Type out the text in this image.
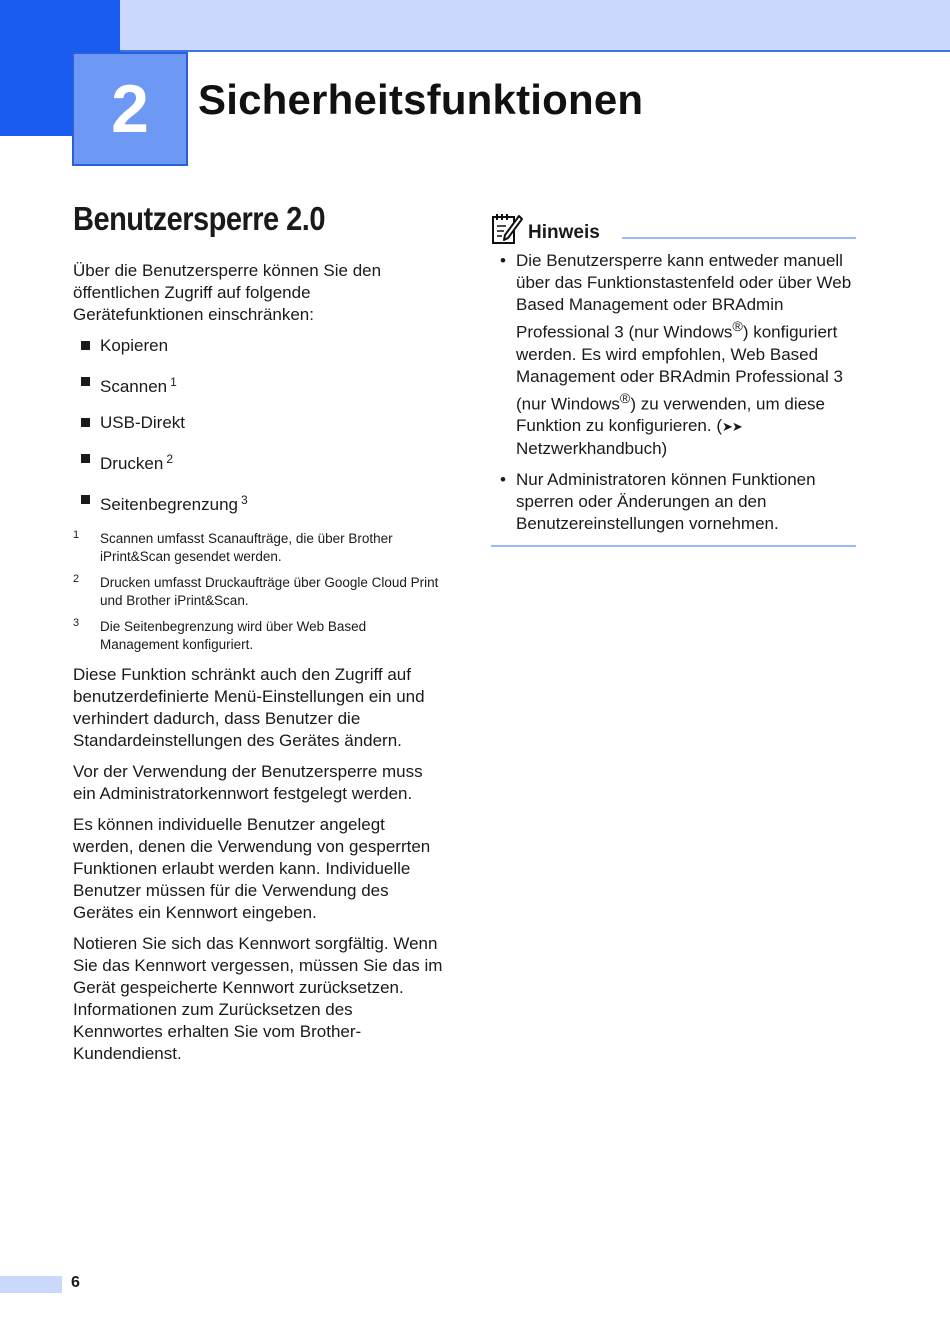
2	Sicherheitsfunktionen
Benutzersperre 2.0

Über die Benutzersperre können Sie den öffentlichen Zugriff auf folgende Gerätefunktionen einschränken:

Kopieren
Scannen $^1$
USB-Direkt
Drucken $^2$
Seitenbegrenzung $^3$
1 Scannen umfasst Scanaufträge, die über Brother iPrint&Scan gesendet werden.
2 Drucken umfasst Druckaufträge über Google Cloud Print und Brother iPrint&Scan.
3 Die Seitenbegrenzung wird über Web Based Management konfiguriert.

Diese Funktion schränkt auch den Zugriff auf benutzerdefinierte Menü-Einstellungen ein und verhindert dadurch, dass Benutzer die Standardeinstellungen des Gerätes ändern.

Vor der Verwendung der Benutzersperre muss ein Administratorkennwort festgelegt werden.

Es können individuelle Benutzer angelegt werden, denen die Verwendung von gesperrten Funktionen erlaubt werden kann. Individuelle Benutzer müssen für die Verwendung des Gerätes ein Kennwort eingeben.

Notieren Sie sich das Kennwort sorgfältig. Wenn Sie das Kennwort vergessen, müssen Sie das im Gerät gespeicherte Kennwort zurücksetzen. Informationen zum Zurücksetzen des Kennwortes erhalten Sie vom Brother-Kundendienst.

Hinweis
• Die Benutzersperre kann entweder manuell über das Funktionstastenfeld oder über Web Based Management oder BRAdmin Professional 3 (nur Windows®) konfiguriert werden. Es wird empfohlen, Web Based Management oder BRAdmin Professional 3 (nur Windows®) zu verwenden, um diese Funktion zu konfigurieren. (➤➤ Netzwerkhandbuch)
• Nur Administratoren können Funktionen sperren oder Änderungen an den Benutzereinstellungen vornehmen.
6
